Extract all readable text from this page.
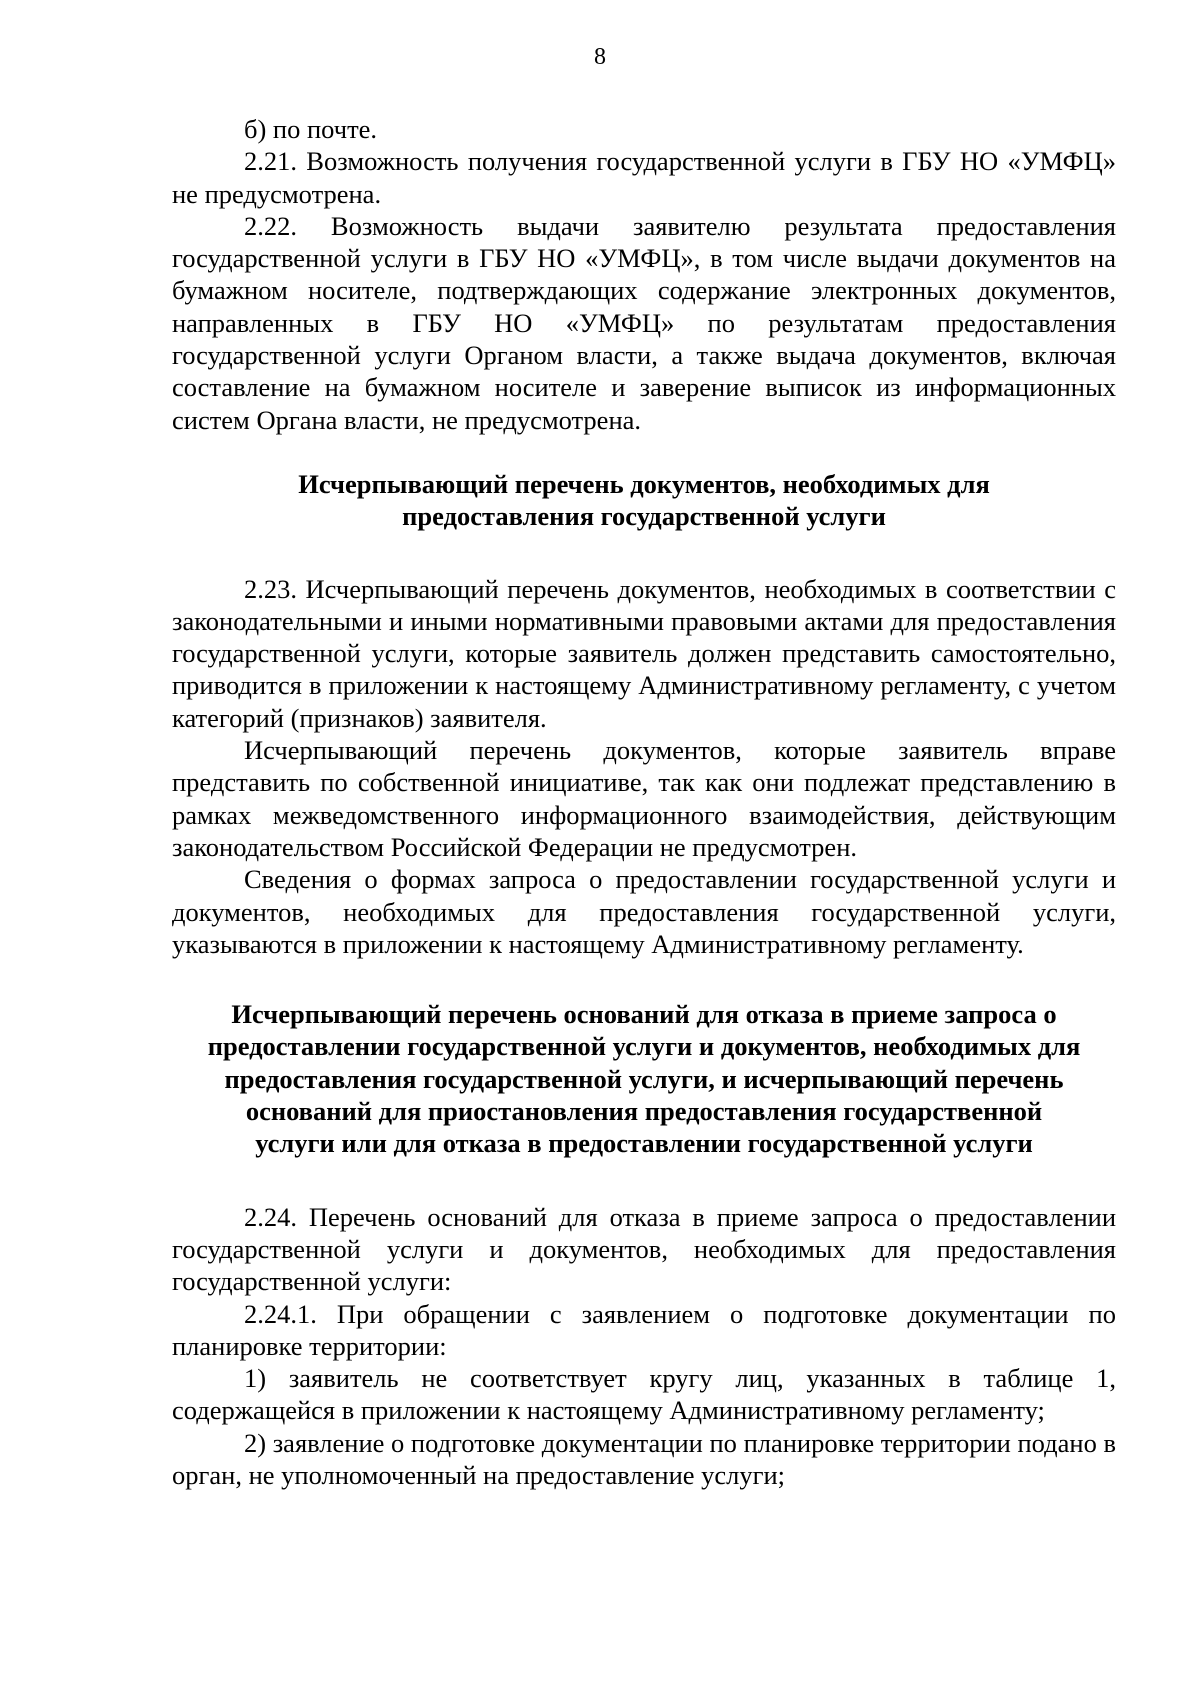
8

б) по почте.

2.21. Возможность получения государственной услуги в ГБУ НО «УМФЦ» не предусмотрена.

2.22. Возможность выдачи заявителю результата предоставления государственной услуги в ГБУ НО «УМФЦ», в том числе выдачи документов на бумажном носителе, подтверждающих содержание электронных документов, направленных в ГБУ НО «УМФЦ» по результатам предоставления государственной услуги Органом власти, а также выдача документов, включая составление на бумажном носителе и заверение выписок из информационных систем Органа власти, не предусмотрена.

Исчерпывающий перечень документов, необходимых для
предоставления государственной услуги

2.23. Исчерпывающий перечень документов, необходимых в соответствии с законодательными и иными нормативными правовыми актами для предоставления государственной услуги, которые заявитель должен представить самостоятельно, приводится в приложении к настоящему Административному регламенту, с учетом категорий (признаков) заявителя.

Исчерпывающий перечень документов, которые заявитель вправе представить по собственной инициативе, так как они подлежат представлению в рамках межведомственного информационного взаимодействия, действующим законодательством Российской Федерации не предусмотрен.

Сведения о формах запроса о предоставлении государственной услуги и документов, необходимых для предоставления государственной услуги, указываются в приложении к настоящему Административному регламенту.

Исчерпывающий перечень оснований для отказа в приеме запроса о
предоставлении государственной услуги и документов, необходимых для
предоставления государственной услуги, и исчерпывающий перечень
оснований для приостановления предоставления государственной
услуги или для отказа в предоставлении государственной услуги

2.24. Перечень оснований для отказа в приеме запроса о предоставлении государственной услуги и документов, необходимых для предоставления государственной услуги:

2.24.1. При обращении с заявлением о подготовке документации по планировке территории:

1) заявитель не соответствует кругу лиц, указанных в таблице 1, содержащейся в приложении к настоящему Административному регламенту;

2) заявление о подготовке документации по планировке территории подано в орган, не уполномоченный на предоставление услуги;
